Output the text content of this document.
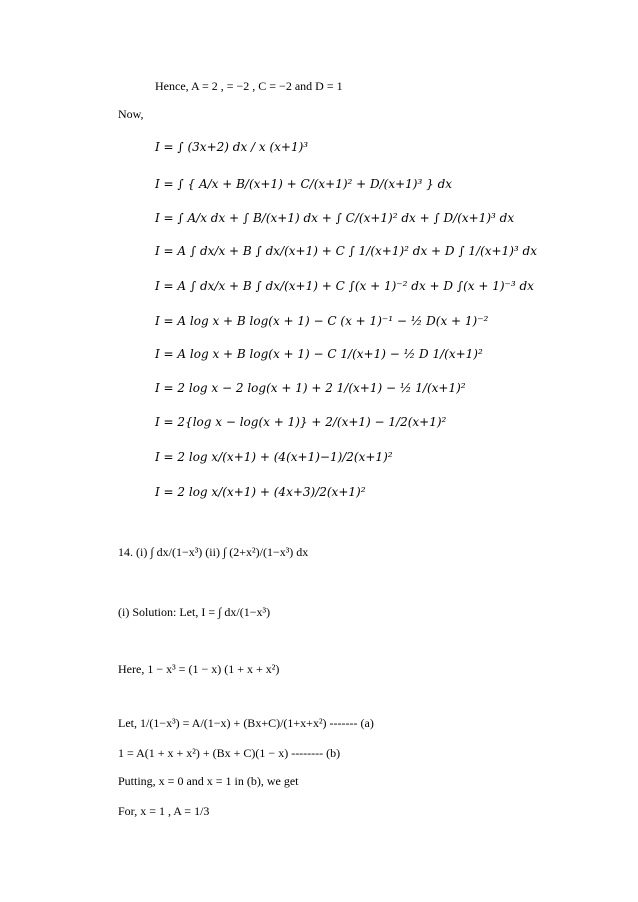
Hence, A = 2 , = −2 , C = −2 and D = 1
Now,
I = ∫ (3x+2) dx / x (x+1)³
I = ∫ { A/x + B/(x+1) + C/(x+1)² + D/(x+1)³ } dx
I = ∫ A/x dx + ∫ B/(x+1) dx + ∫ C/(x+1)² dx + ∫ D/(x+1)³ dx
I = A ∫ dx/x + B ∫ dx/(x+1) + C ∫ 1/(x+1)² dx + D ∫ 1/(x+1)³ dx
I = A ∫ dx/x + B ∫ dx/(x+1) + C ∫(x + 1)⁻² dx + D ∫(x + 1)⁻³ dx
I = A log x + B log(x + 1) − C (x + 1)⁻¹ − ½ D(x + 1)⁻²
I = A log x + B log(x + 1) − C 1/(x+1) − ½ D 1/(x+1)²
I = 2 log x − 2 log(x + 1) + 2 1/(x+1) − ½ 1/(x+1)²
I = 2{log x − log(x + 1)} + 2/(x+1) − 1/2(x+1)²
I = 2 log x/(x+1) + (4(x+1)−1)/2(x+1)²
I = 2 log x/(x+1) + (4x+3)/2(x+1)²
14. (i) ∫ dx/(1−x³) (ii) ∫ (2+x²)/(1−x³) dx
(i) Solution: Let, I = ∫ dx/(1−x³)
Here, 1 − x³ = (1 − x) (1 + x + x²)
Let, 1/(1−x³) = A/(1−x) + (Bx+C)/(1+x+x²) ------- (a)
1 = A(1 + x + x²) + (Bx + C)(1 − x) -------- (b)
Putting, x = 0 and x = 1 in (b), we get
For, x = 1 , A = 1/3
